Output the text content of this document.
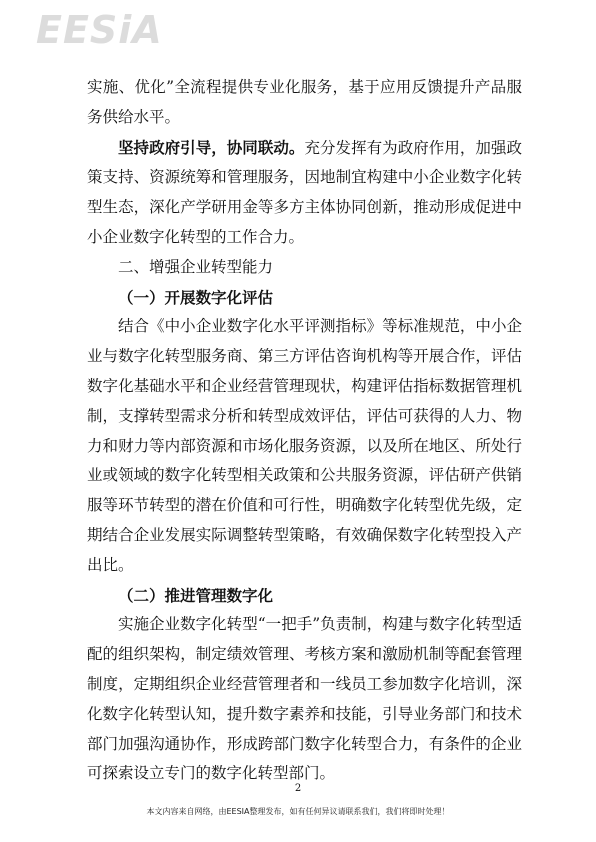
EESiA

实施、优化”全流程提供专业化服务，基于应用反馈提升产品服务供给水平。

坚持政府引导，协同联动。充分发挥有为政府作用，加强政策支持、资源统筹和管理服务，因地制宜构建中小企业数字化转型生态，深化产学研用金等多方主体协同创新，推动形成促进中小企业数字化转型的工作合力。

二、增强企业转型能力

（一）开展数字化评估

结合《中小企业数字化水平评测指标》等标准规范，中小企业与数字化转型服务商、第三方评估咨询机构等开展合作，评估数字化基础水平和企业经营管理现状，构建评估指标数据管理机制，支撑转型需求分析和转型成效评估，评估可获得的人力、物力和财力等内部资源和市场化服务资源，以及所在地区、所处行业或领域的数字化转型相关政策和公共服务资源，评估研产供销服等环节转型的潜在价值和可行性，明确数字化转型优先级，定期结合企业发展实际调整转型策略，有效确保数字化转型投入产出比。

（二）推进管理数字化

实施企业数字化转型“一把手”负责制，构建与数字化转型适配的组织架构，制定绩效管理、考核方案和激励机制等配套管理制度，定期组织企业经营管理者和一线员工参加数字化培训，深化数字化转型认知，提升数字素养和技能，引导业务部门和技术部门加强沟通协作，形成跨部门数字化转型合力，有条件的企业可探索设立专门的数字化转型部门。

2
本文内容来自网络，由EESIA整理发布，如有任何异议请联系我们，我们将即时处理！
